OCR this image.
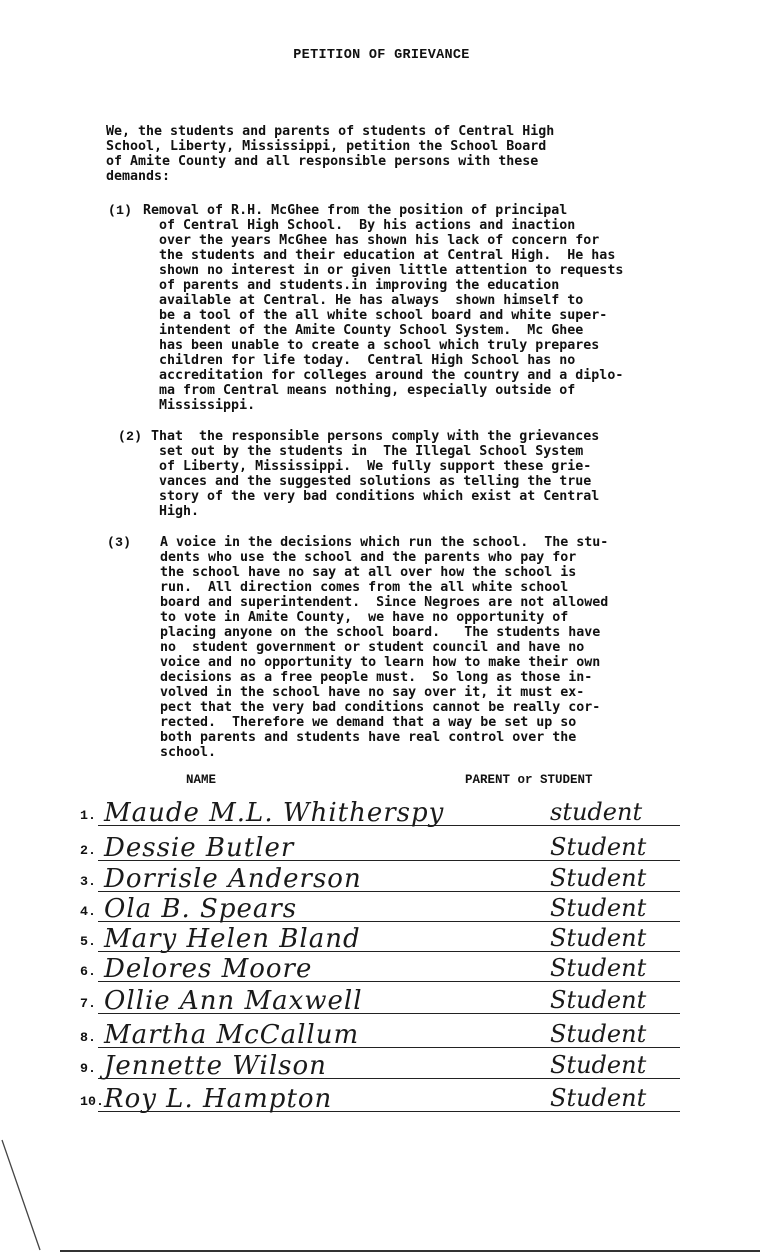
PETITION OF GRIEVANCE
We, the students and parents of students of Central High
School, Liberty, Mississippi, petition the School Board
of Amite County and all responsible persons with these
demands:
(1) Removal of R.H. McGhee from the position of principal
of Central High School.  By his actions and inaction
over the years McGhee has shown his lack of concern for
the students and their education at Central High.  He has
shown no interest in or given little attention to requests
of parents and students.in improving the education
available at Central. He has always  shown himself to
be a tool of the all white school board and white super-
intendent of the Amite County School System.  Mc Ghee
has been unable to create a school which truly prepares
children for life today.  Central High School has no
accreditation for colleges around the country and a diplo-
ma from Central means nothing, especially outside of
Mississippi.
(2) That  the responsible persons comply with the grievances
set out by the students in  The Illegal School System
of Liberty, Mississippi.  We fully support these grie-
vances and the suggested solutions as telling the true
story of the very bad conditions which exist at Central
High.
(3) A voice in the decisions which run the school.  The stu-
dents who use the school and the parents who pay for
the school have no say at all over how the school is
run.  All direction comes from the all white school
board and superintendent.  Since Negroes are not allowed
to vote in Amite County,  we have no opportunity of
placing anyone on the school board.   The students have
no  student government or student council and have no
voice and no opportunity to learn how to make their own
decisions as a free people must.  So long as those in-
volved in the school have no say over it, it must ex-
pect that the very bad conditions cannot be really cor-
rected.  Therefore we demand that a way be set up so
both parents and students have real control over the
school.
NAME	PARENT or STUDENT
1. Maude M.L. Whitherspy	student
2. Dessie Butler	Student
3. Dorrisle Anderson	Student
4. Ola B. Spears	Student
5. Mary Helen Bland	Student
6. Delores Moore	Student
7. Ollie Ann Maxwell	Student
8. Martha McCallum	Student
9. Jennette Wilson	Student
10. Roy L. Hampton	Student
